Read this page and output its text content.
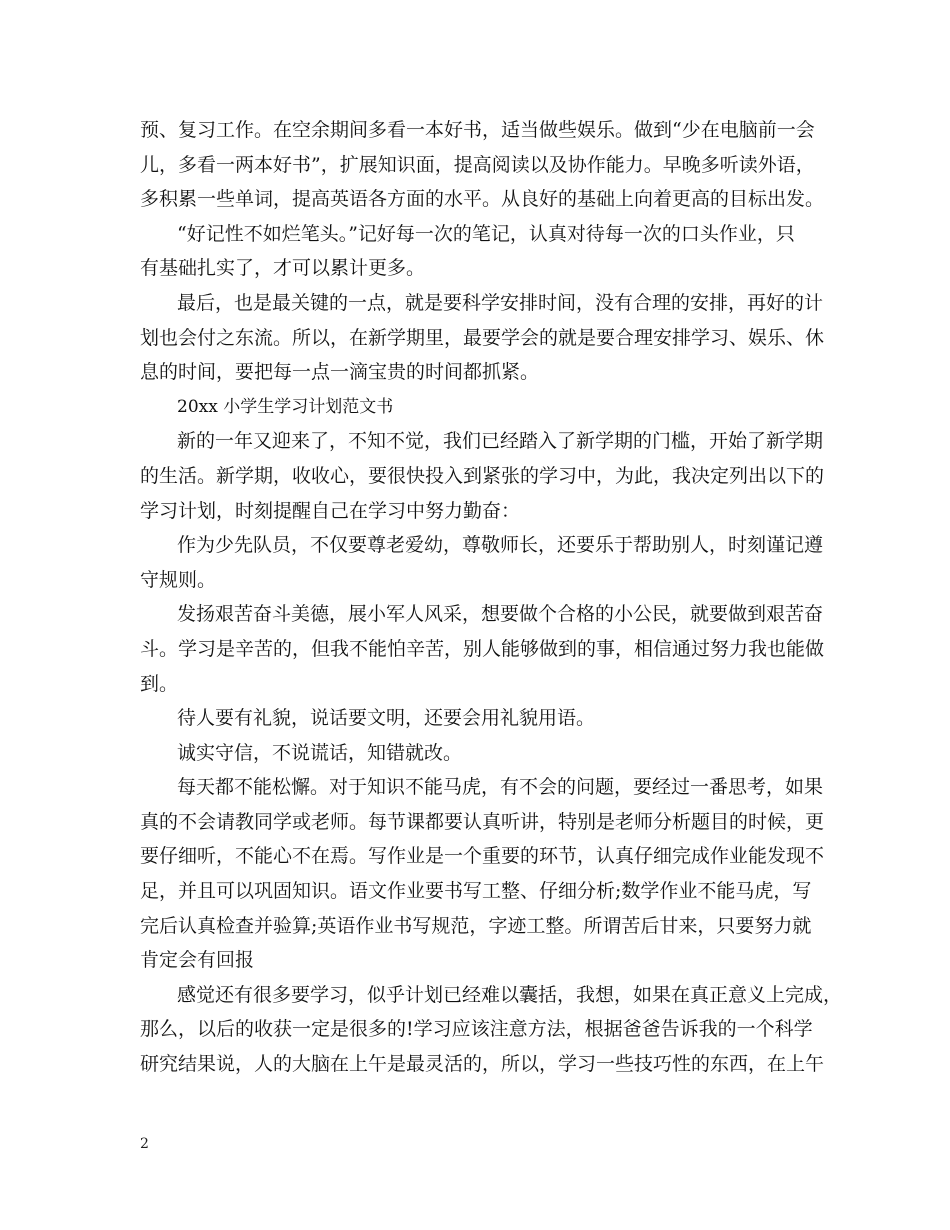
预、复习工作。在空余期间多看一本好书，适当做些娱乐。做到“少在电脑前一会
儿，多看一两本好书”，扩展知识面，提高阅读以及协作能力。早晚多听读外语，
多积累一些单词，提高英语各方面的水平。从良好的基础上向着更高的目标出发。
“好记性不如烂笔头。”记好每一次的笔记，认真对待每一次的口头作业，只
有基础扎实了，才可以累计更多。
最后，也是最关键的一点，就是要科学安排时间，没有合理的安排，再好的计
划也会付之东流。所以，在新学期里，最要学会的就是要合理安排学习、娱乐、休
息的时间，要把每一点一滴宝贵的时间都抓紧。
20xx 小学生学习计划范文书
新的一年又迎来了，不知不觉，我们已经踏入了新学期的门槛，开始了新学期
的生活。新学期，收收心，要很快投入到紧张的学习中，为此，我决定列出以下的
学习计划，时刻提醒自己在学习中努力勤奋：
作为少先队员，不仅要尊老爱幼，尊敬师长，还要乐于帮助别人，时刻谨记遵
守规则。
发扬艰苦奋斗美德，展小军人风采，想要做个合格的小公民，就要做到艰苦奋
斗。学习是辛苦的，但我不能怕辛苦，别人能够做到的事，相信通过努力我也能做
到。
待人要有礼貌，说话要文明，还要会用礼貌用语。
诚实守信，不说谎话，知错就改。
每天都不能松懈。对于知识不能马虎，有不会的问题，要经过一番思考，如果
真的不会请教同学或老师。每节课都要认真听讲，特别是老师分析题目的时候，更
要仔细听，不能心不在焉。写作业是一个重要的环节，认真仔细完成作业能发现不
足，并且可以巩固知识。语文作业要书写工整、仔细分析;数学作业不能马虎，写
完后认真检查并验算;英语作业书写规范，字迹工整。所谓苦后甘来，只要努力就
肯定会有回报
感觉还有很多要学习，似乎计划已经难以囊括，我想，如果在真正意义上完成，
那么，以后的收获一定是很多的!学习应该注意方法，根据爸爸告诉我的一个科学
研究结果说，人的大脑在上午是最灵活的，所以，学习一些技巧性的东西，在上午
2
